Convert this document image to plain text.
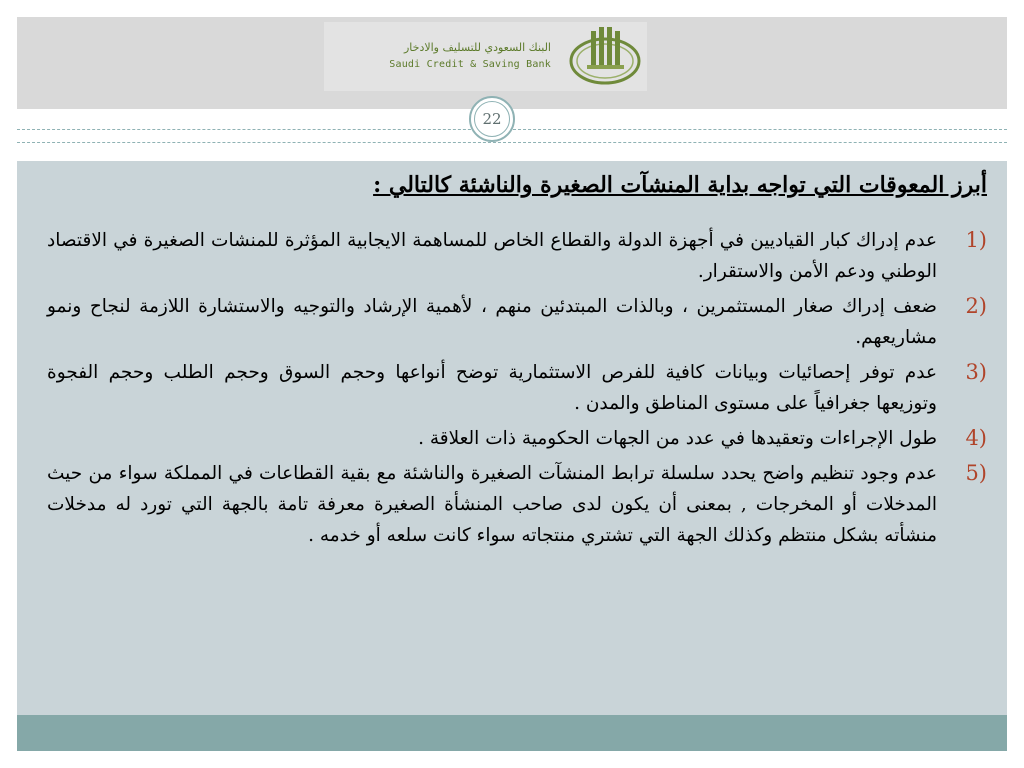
البنك السعودي للتسليف والادخار
Saudi Credit & Saving Bank
22
أبرز المعوقات التي تواجه بداية المنشآت الصغيرة والناشئة كالتالي :
1)
عدم إدراك كبار القياديين في أجهزة الدولة والقطاع الخاص للمساهمة الايجابية المؤثرة للمنشات الصغيرة في الاقتصاد الوطني ودعم الأمن والاستقرار.
2)
ضعف إدراك صغار المستثمرين ، وبالذات المبتدئين منهم ، لأهمية الإرشاد والتوجيه والاستشارة اللازمة لنجاح ونمو مشاريعهم.
3)
عدم توفر إحصائيات وبيانات كافية للفرص الاستثمارية توضح أنواعها وحجم السوق وحجم الطلب وحجم الفجوة وتوزيعها جغرافياً على مستوى المناطق والمدن .
4)
طول الإجراءات وتعقيدها في عدد من الجهات الحكومية ذات العلاقة .
5)
عدم وجود تنظيم واضح يحدد سلسلة ترابط المنشآت الصغيرة والناشئة مع بقية القطاعات في المملكة سواء من حيث المدخلات أو المخرجات , بمعنى أن يكون لدى صاحب المنشأة الصغيرة معرفة تامة بالجهة التي تورد له مدخلات منشأته بشكل منتظم وكذلك الجهة التي تشتري منتجاته سواء كانت سلعه أو خدمه .
